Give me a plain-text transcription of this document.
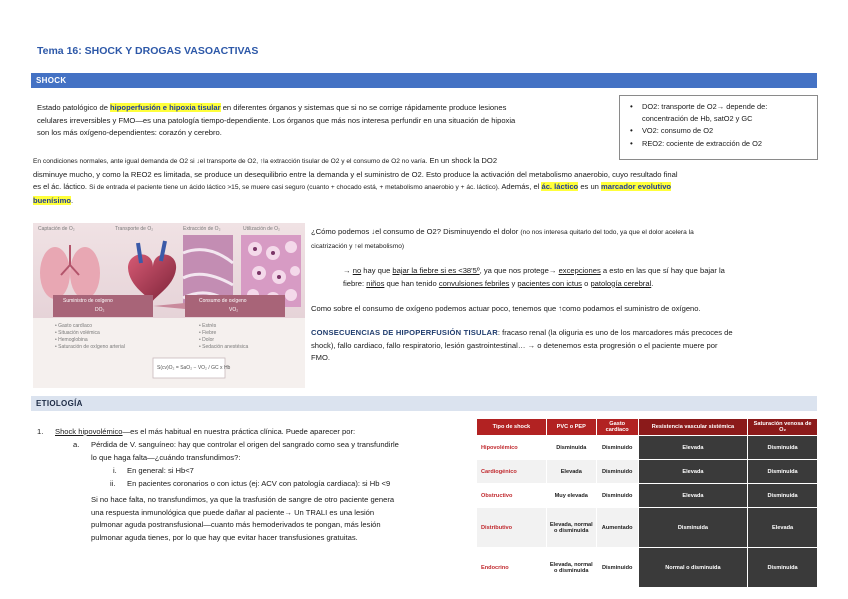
Tema 16: SHOCK Y DROGAS VASOACTIVAS
SHOCK
Estado patológico de hipoperfusión e hipoxia tisular en diferentes órganos y sistemas que si no se corrige rápidamente produce lesiones
celulares irreversibles y FMO—es una patología tiempo-dependiente. Los órganos que más nos interesa perfundir en una situación de hipoxia
son los más oxígeno-dependientes: corazón y cerebro.
• DO2: transporte de O2→ depende de:
concentración de Hb, satO2 y GC
• VO2: consumo de O2
• REO2: cociente de extracción de O2
En condiciones normales, ante igual demanda de O2 si ↓el transporte de O2, ↑la extracción tisular de O2 y el consumo de O2 no varía. En un shock la DO2
disminuye mucho, y como la REO2 es limitada, se produce un desequilibrio entre la demanda y el suministro de O2. Esto produce la activación del metabolismo anaerobio, cuyo resultado final
es el ác. láctico. Si de entrada el paciente tiene un ácido láctico >15, se muere casi seguro (cuanto + chocado está, + metabolismo anaerobio y + ác. láctico). Además, el ác. láctico es un marcador evolutivo
buenísimo.
Captación de O₂	Transporte de O₂	Extracción de O₂	Utilización de O₂
Suministro de oxígeno
DO₂
Consumo de oxígeno
VO₂
• Gasto cardíaco
• Situación volémica
• Hemoglobina
• Saturación de oxígeno arterial
• Estrés
• Fiebre
• Dolor
• Sedación anestésica
S(cv)O₂ = SaO₂ − VO₂ / GC x Hb
¿Cómo podemos ↓el consumo de O2? Disminuyendo el dolor (no nos interesa quitarlo del todo, ya que el dolor acelera la
cicatrización y ↑el metabolismo)
→ no hay que bajar la fiebre si es <38'5º, ya que nos protege→ excepciones a esto en las que sí hay que bajar la
fiebre: niños que han tenido convulsiones febriles y pacientes con ictus o patología cerebral.
Como sobre el consumo de oxígeno podemos actuar poco, tenemos que ↑como podamos el suministro de oxígeno.
CONSECUENCIAS DE HIPOPERFUSIÓN TISULAR: fracaso renal (la oliguria es uno de los marcadores más precoces de
shock), fallo cardiaco, fallo respiratorio, lesión gastrointestinal… → o detenemos esta progresión o el paciente muere por
FMO.
ETIOLOGÍA
1. Shock hipovolémico—es el más habitual en nuestra práctica clínica. Puede aparecer por:
a. Pérdida de V. sanguíneo: hay que controlar el origen del sangrado como sea y transfundirle
lo que haga falta—¿cuándo transfundimos?:
i. En general: si Hb<7
ii. En pacientes coronarios o con ictus (ej: ACV con patología cardiaca): si Hb <9
Si no hace falta, no transfundimos, ya que la trasfusión de sangre de otro paciente genera
una respuesta inmunológica que puede dañar al paciente→ Un TRALI es una lesión
pulmonar aguda postransfusional—cuanto más hemoderivados te pongan, más lesión
pulmonar aguda tienes, por lo que hay que evitar hacer transfusiones gratuitas.
Tipo de shock	PVC o PEP	Gasto cardíaco	Resistencia vascular sistémica	Saturación venosa de O₂
Hipovolémico	Disminuida	Disminuido	Elevada	Disminuida
Cardiogénico	Elevada	Disminuido	Elevada	Disminuida
Obstructivo	Muy elevada	Disminuido	Elevada	Disminuida
Distributivo	Elevada, normal o disminuida	Aumentado	Disminuida	Elevada
Endocrino	Elevada, normal o disminuida	Disminuido	Normal o disminuida	Disminuida
